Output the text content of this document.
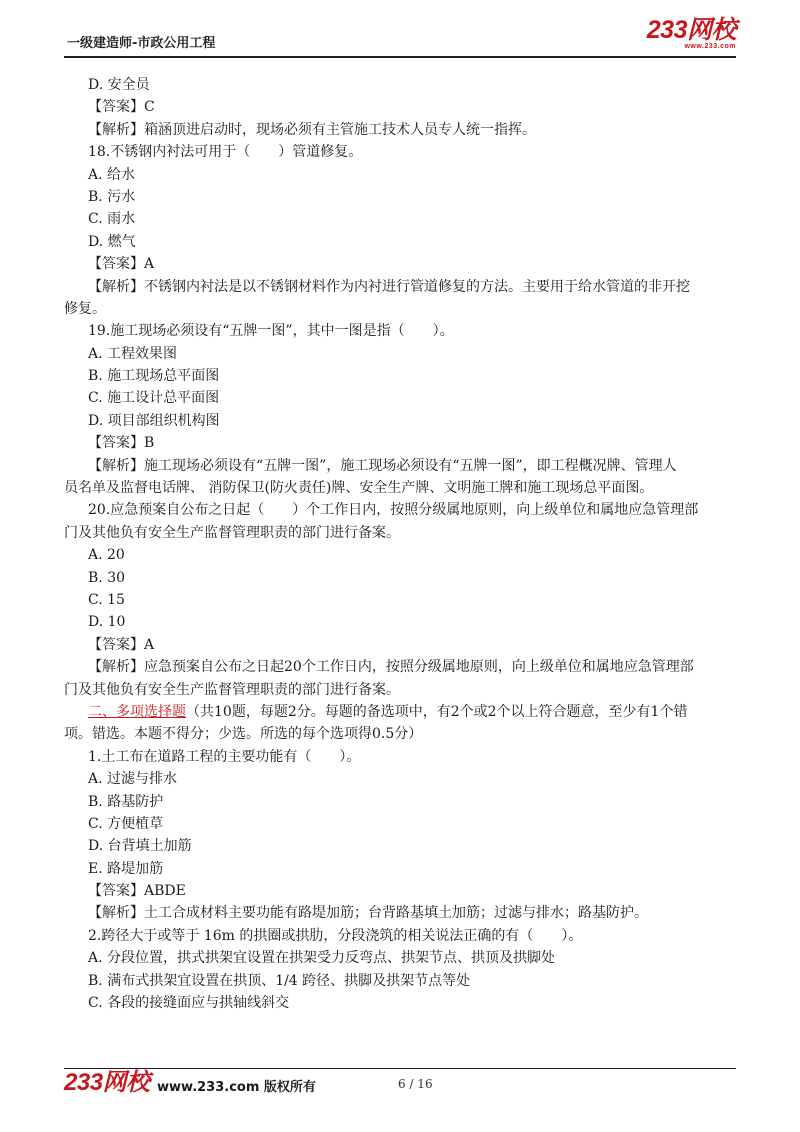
一级建造师-市政公用工程	233网校
www.233.com
D. 安全员
【答案】C
【解析】箱涵顶进启动时，现场必须有主管施工技术人员专人统一指挥。
18.不锈钢内衬法可用于（　　）管道修复。
A. 给水
B. 污水
C. 雨水
D. 燃气
【答案】A
【解析】不锈钢内衬法是以不锈钢材料作为内衬进行管道修复的方法。主要用于给水管道的非开挖
修复。
19.施工现场必须设有“五牌一图”，其中一图是指（　　）。
A. 工程效果图
B. 施工现场总平面图
C. 施工设计总平面图
D. 项目部组织机构图
【答案】B
【解析】施工现场必须设有“五牌一图”，施工现场必须设有“五牌一图”，即工程概况牌、管理人
员名单及监督电话牌、 消防保卫(防火责任)牌、安全生产牌、文明施工牌和施工现场总平面图。
20.应急预案自公布之日起（　　）个工作日内，按照分级属地原则，向上级单位和属地应急管理部
门及其他负有安全生产监督管理职责的部门进行备案。
A. 20
B. 30
C. 15
D. 10
【答案】A
【解析】应急预案自公布之日起20个工作日内，按照分级属地原则，向上级单位和属地应急管理部
门及其他负有安全生产监督管理职责的部门进行备案。
二、多项选择题（共10题，每题2分。每题的备选项中，有2个或2个以上符合题意，至少有1个错
项。错选。本题不得分；少选。所选的每个选项得0.5分）
1.土工布在道路工程的主要功能有（　　）。
A. 过滤与排水
B. 路基防护
C. 方便植草
D. 台背填土加筋
E. 路堤加筋
【答案】ABDE
【解析】土工合成材料主要功能有路堤加筋；台背路基填土加筋；过滤与排水；路基防护。
2.跨径大于或等于 16m 的拱圈或拱肋，分段浇筑的相关说法正确的有（　　）。
A. 分段位置，拱式拱架宜设置在拱架受力反弯点、拱架节点、拱顶及拱脚处
B. 满布式拱架宜设置在拱顶、1/4 跨径、拱脚及拱架节点等处
C. 各段的接缝面应与拱轴线斜交
233网校 www.233.com 版权所有	6 / 16
